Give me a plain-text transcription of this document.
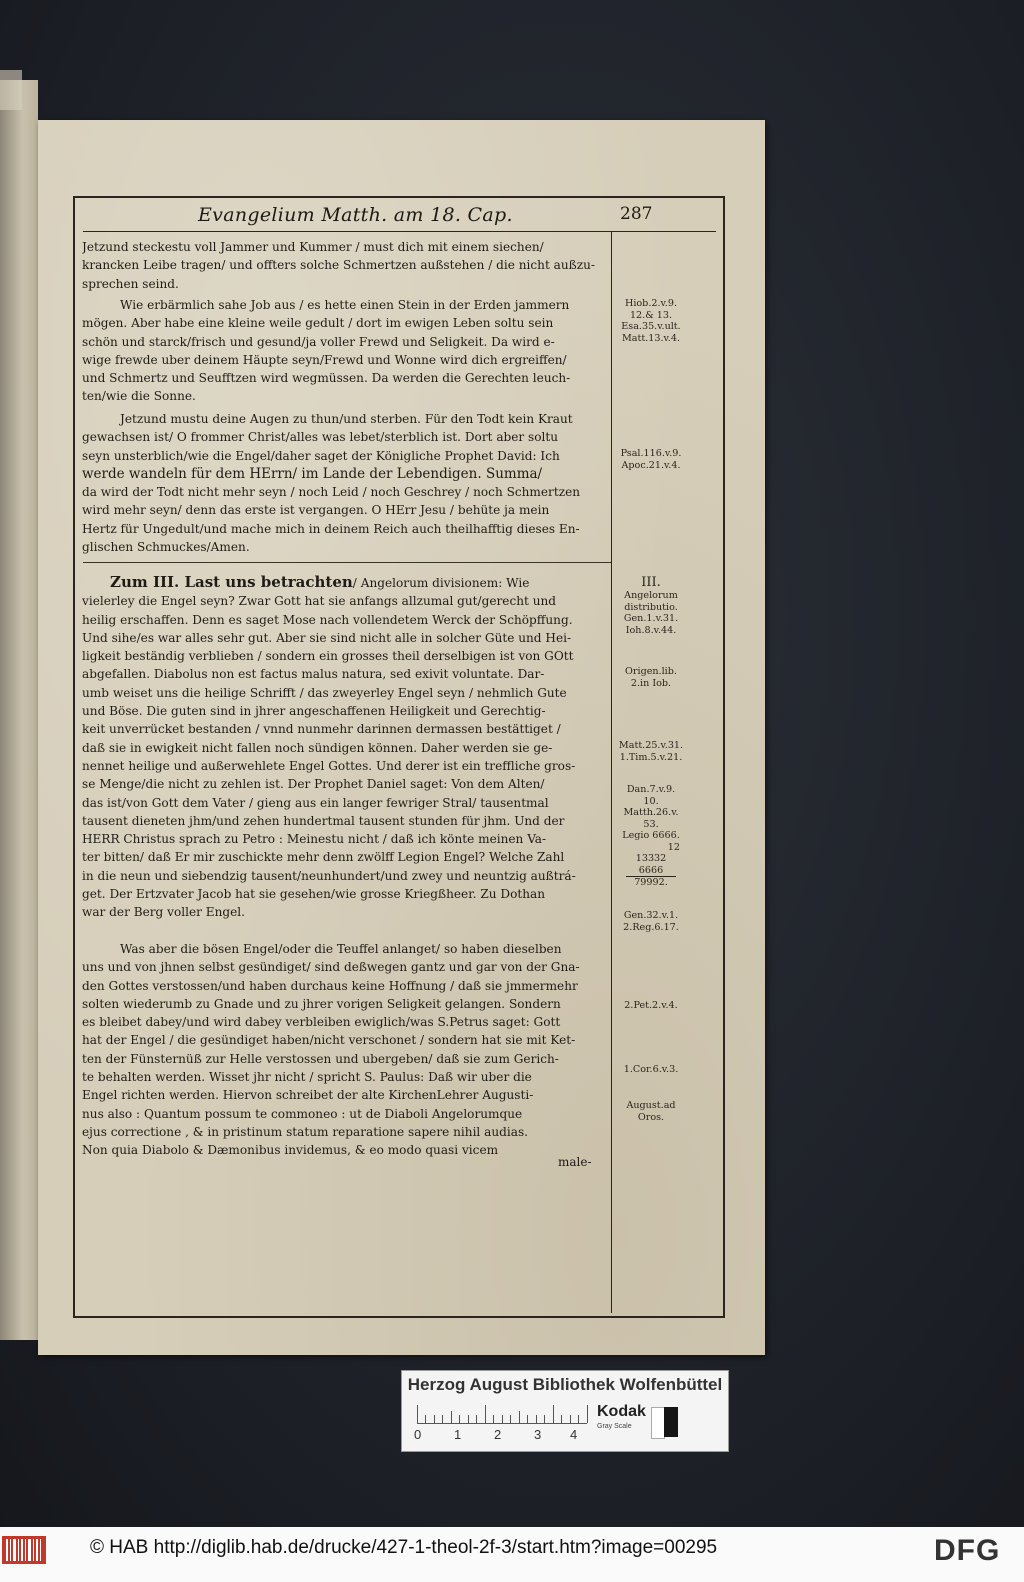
Evangelium Matth. am 18. Cap.	287
Jetzund steckestu voll Jammer und Kummer / must dich mit einem siechen/
krancken Leibe tragen/ und offters solche Schmertzen außstehen / die nicht außzu-
sprechen seind.
Wie erbärmlich sahe Job aus / es hette einen Stein in der Erden jammern
mögen. Aber habe eine kleine weile gedult / dort im ewigen Leben soltu sein
schön und starck/frisch und gesund/ja voller Frewd und Seligkeit. Da wird e-
wige frewde uber deinem Häupte seyn/Frewd und Wonne wird dich ergreiffen/
und Schmertz und Seufftzen wird wegmüssen. Da werden die Gerechten leuch-
ten/wie die Sonne.
Jetzund mustu deine Augen zu thun/und sterben. Für den Todt kein Kraut
gewachsen ist/ O frommer Christ/alles was lebet/sterblich ist. Dort aber soltu
seyn unsterblich/wie die Engel/daher saget der Königliche Prophet David: Ich
werde wandeln für dem HErrn/ im Lande der Lebendigen. Summa/
da wird der Todt nicht mehr seyn / noch Leid / noch Geschrey / noch Schmertzen
wird mehr seyn/ denn das erste ist vergangen. O HErr Jesu / behüte ja mein
Hertz für Ungedult/und mache mich in deinem Reich auch theilhafftig dieses En-
glischen Schmuckes/Amen.
Zum III. Last uns betrachten/ Angelorum divisionem: Wie
vielerley die Engel seyn? Zwar Gott hat sie anfangs allzumal gut/gerecht und
heilig erschaffen. Denn es saget Mose nach vollendetem Werck der Schöpffung.
Und sihe/es war alles sehr gut. Aber sie sind nicht alle in solcher Güte und Hei-
ligkeit beständig verblieben / sondern ein grosses theil derselbigen ist von GOtt
abgefallen. Diabolus non est factus malus natura, sed exivit voluntate. Dar-
umb weiset uns die heilige Schrifft / das zweyerley Engel seyn / nehmlich Gute
und Böse. Die guten sind in jhrer angeschaffenen Heiligkeit und Gerechtig-
keit unverrücket bestanden / vnnd nunmehr darinnen dermassen bestättiget /
daß sie in ewigkeit nicht fallen noch sündigen können. Daher werden sie ge-
nennet heilige und außerwehlete Engel Gottes. Und derer ist ein treffliche gros-
se Menge/die nicht zu zehlen ist. Der Prophet Daniel saget: Von dem Alten/
das ist/von Gott dem Vater / gieng aus ein langer fewriger Stral/ tausentmal
tausent dieneten jhm/und zehen hundertmal tausent stunden für jhm. Und der
HERR Christus sprach zu Petro : Meinestu nicht / daß ich könte meinen Va-
ter bitten/ daß Er mir zuschickte mehr denn zwölff Legion Engel? Welche Zahl
in die neun und siebendzig tausent/neunhundert/und zwey und neuntzig außtrá-
get. Der Ertzvater Jacob hat sie gesehen/wie grosse Kriegßheer. Zu Dothan
war der Berg voller Engel.
Was aber die bösen Engel/oder die Teuffel anlanget/ so haben dieselben
uns und von jhnen selbst gesündiget/ sind deßwegen gantz und gar von der Gna-
den Gottes verstossen/und haben durchaus keine Hoffnung / daß sie jmmermehr
solten wiederumb zu Gnade und zu jhrer vorigen Seligkeit gelangen. Sondern
es bleibet dabey/und wird dabey verbleiben ewiglich/was S.Petrus saget: Gott
hat der Engel / die gesündiget haben/nicht verschonet / sondern hat sie mit Ket-
ten der Fünsternüß zur Helle verstossen und ubergeben/ daß sie zum Gerich-
te behalten werden. Wisset jhr nicht / spricht S. Paulus: Daß wir uber die
Engel richten werden. Hiervon schreibet der alte KirchenLehrer Augusti-
nus also : Quantum possum te commoneo : ut de Diaboli Angelorumque
ejus correctione , & in pristinum statum reparatione sapere nihil audias.
Non quia Diabolo & Dæmonibus invidemus, & eo modo quasi vicem
male-
Hiob.2.v.9.
12.& 13.
Esa.35.v.ult.
Matt.13.v.4.
Psal.116.v.9.
Apoc.21.v.4.
III.
Angelorum
distributio.
Gen.1.v.31.
Ioh.8.v.44.
Origen.lib.
2.in Iob.
Matt.25.v.31.
1.Tim.5.v.21.
Dan.7.v.9.
10.
Matth.26.v.
53.
Legio 6666.
12
13332
6666
79992.
Gen.32.v.1.
2.Reg.6.17.
2.Pet.2.v.4.
1.Cor.6.v.3.
August.ad
Oros.
Herzog August Bibliothek Wolfenbüttel
0	1	2	3 4
Kodak
Gray Scale
© HAB http://diglib.hab.de/drucke/427-1-theol-2f-3/start.htm?image=00295	DFG
